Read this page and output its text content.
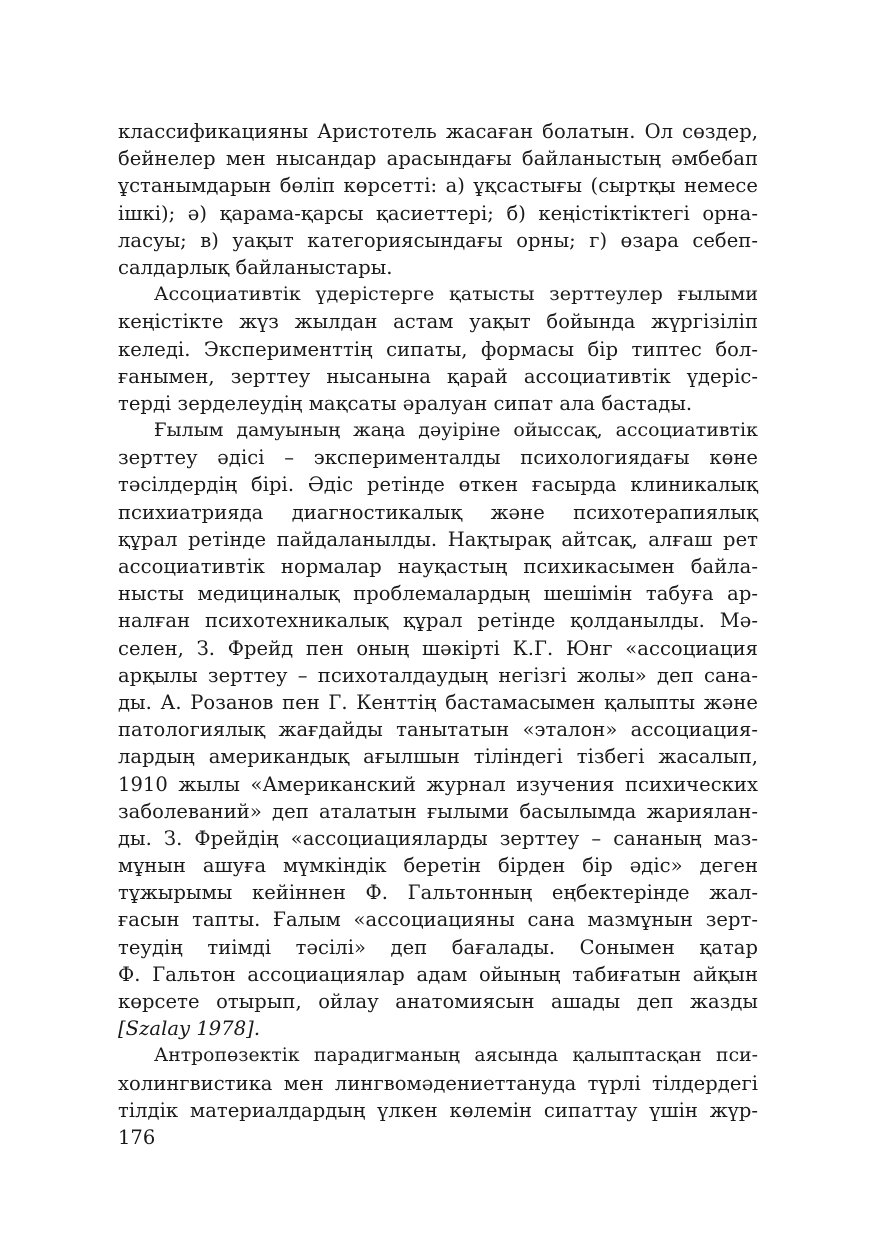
классификацияны Аристотель жасаған болатын. Ол сөздер,
бейнелер мен нысандар арасындағы байланыстың әмбебап
ұстанымдарын бөліп көрсетті: а) ұқсастығы (сыртқы немесе
ішкі); ә) қарама-қарсы қасиеттері; б) кеңістіктіктегі орна-
ласуы; в) уақыт категориясындағы орны; г) өзара себеп-
салдарлық байланыстары.
Ассоциативтік үдерістерге қатысты зерттеулер ғылыми
кеңістікте жүз жылдан астам уақыт бойында жүргізіліп
келеді. Эксперименттің сипаты, формасы бір типтес бол-
ғанымен, зерттеу нысанына қарай ассоциативтік үдеріс-
терді зерделеудің мақсаты әралуан сипат ала бастады.
Ғылым дамуының жаңа дәуіріне ойыссақ, ассоциативтік
зерттеу әдісі – эксперименталды психологиядағы көне
тәсілдердің бірі. Әдіс ретінде өткен ғасырда клиникалық
психиатрияда диагностикалық және психотерапиялық
құрал ретінде пайдаланылды. Нақтырақ айтсақ, алғаш рет
ассоциативтік нормалар науқастың психикасымен байла-
нысты медициналық проблемалардың шешімін табуға ар-
налған психотехникалық құрал ретінде қолданылды. Мә-
селен, З. Фрейд пен оның шәкірті К.Г. Юнг «ассоциация
арқылы зерттеу – психоталдаудың негізгі жолы» деп сана-
ды. А. Розанов пен Г. Кенттің бастамасымен қалыпты және
патологиялық жағдайды танытатын «эталон» ассоциация-
лардың американдық ағылшын тіліндегі тізбегі жасалып,
1910 жылы «Американский журнал изучения психических
заболеваний» деп аталатын ғылыми басылымда жариялан-
ды. З. Фрейдің «ассоциацияларды зерттеу – сананың маз-
мұнын ашуға мүмкіндік беретін бірден бір әдіс» деген
тұжырымы кейіннен Ф. Гальтонның еңбектерінде жал-
ғасын тапты. Ғалым «ассоциацияны сана мазмұнын зерт-
теудің тиімді тәсілі» деп бағалады. Сонымен қатар
Ф. Гальтон ассоциациялар адам ойының табиғатын айқын
көрсете отырып, ойлау анатомиясын ашады деп жазды
[Szalay 1978].
Антропөзектік парадигманың аясында қалыптасқан пси-
холингвистика мен лингвомәдениеттануда түрлі тілдердегі
тілдік материалдардың үлкен көлемін сипаттау үшін жүр-
176
